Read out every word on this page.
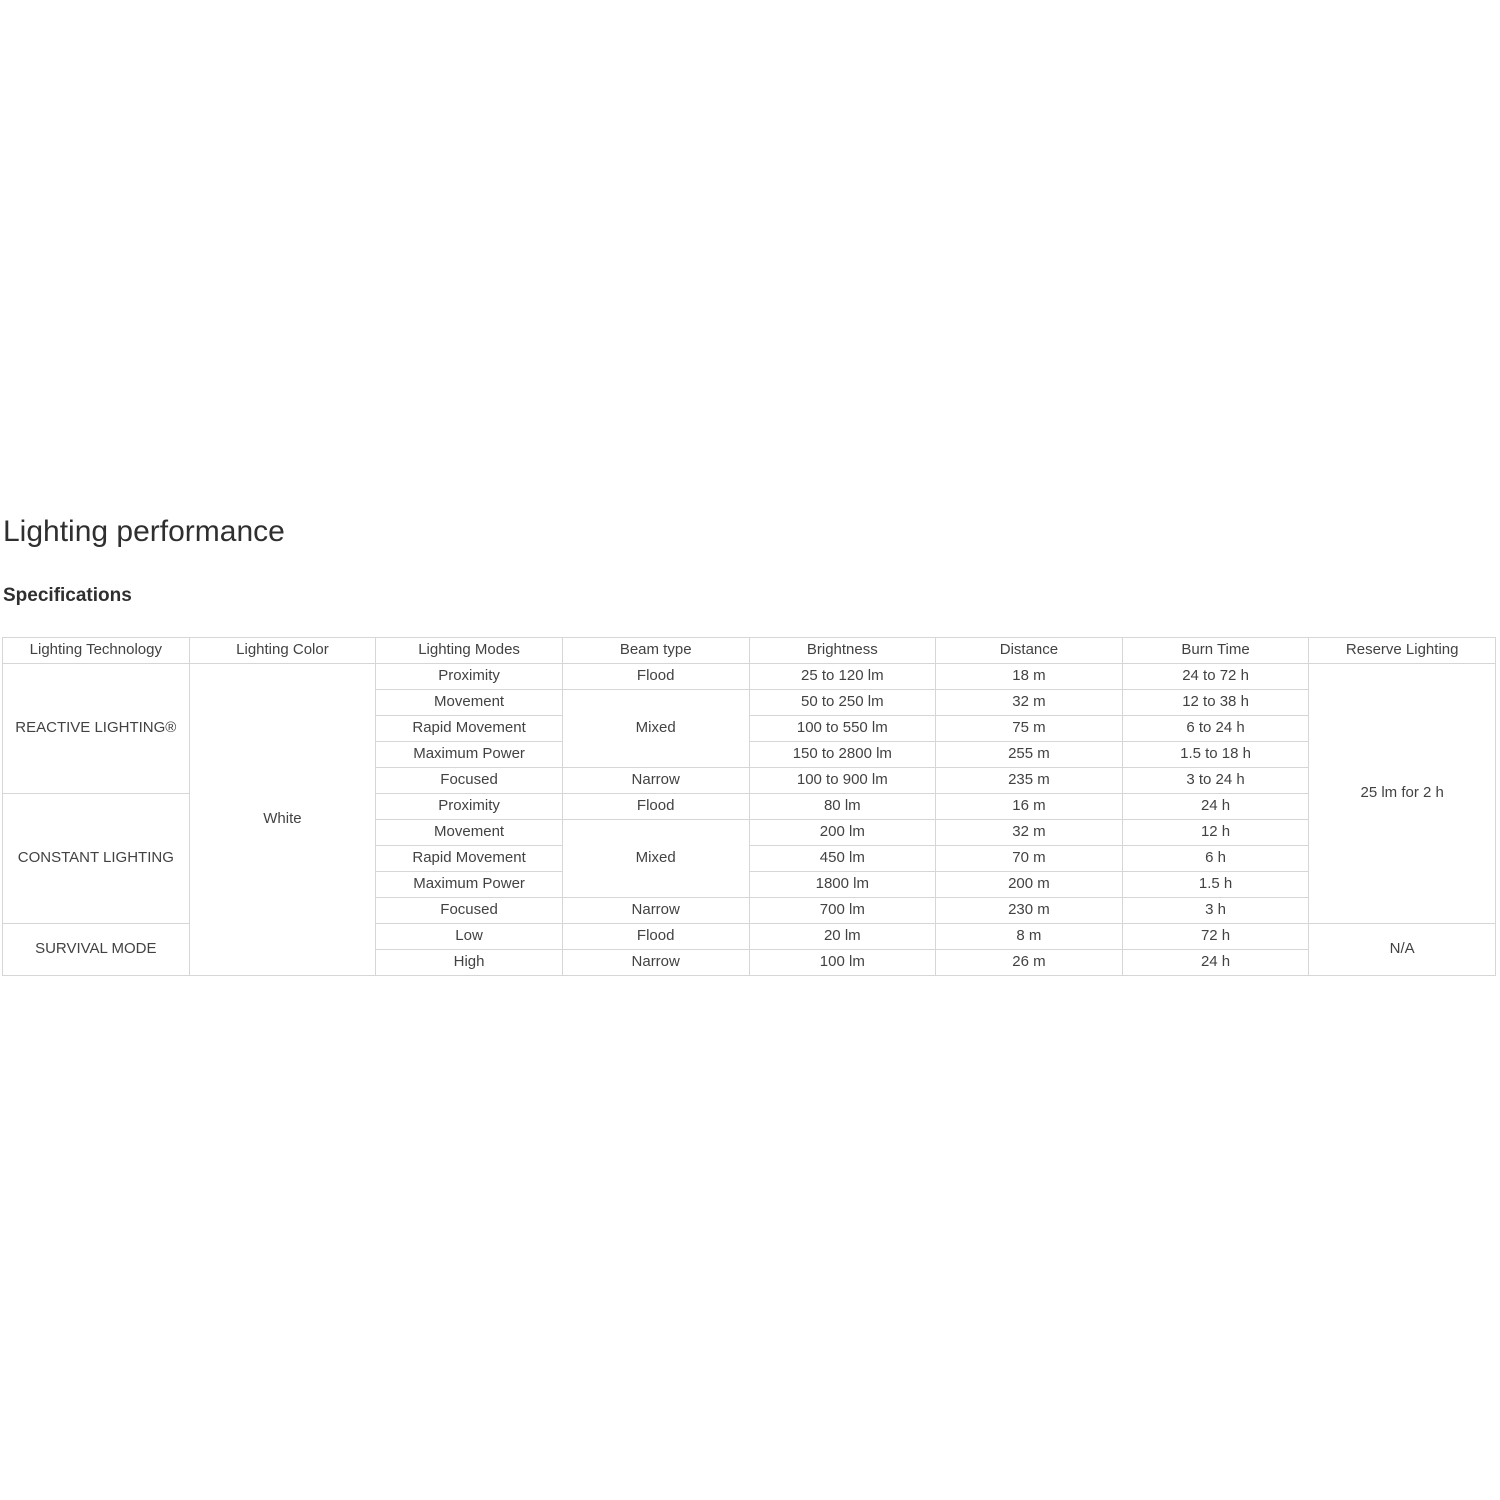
Lighting performance
Specifications
Lighting Technology	Lighting Color	Lighting Modes	Beam type	Brightness	Distance	Burn Time	Reserve Lighting
REACTIVE LIGHTING®	White	Proximity	Flood	25 to 120 lm	18 m	24 to 72 h	25 lm for 2 h
		Movement	Mixed	50 to 250 lm	32 m	12 to 38 h	
		Rapid Movement		100 to 550 lm	75 m	6 to 24 h	
		Maximum Power		150 to 2800 lm	255 m	1.5 to 18 h	
		Focused	Narrow	100 to 900 lm	235 m	3 to 24 h	
CONSTANT LIGHTING		Proximity	Flood	80 lm	16 m	24 h	
		Movement	Mixed	200 lm	32 m	12 h	
		Rapid Movement		450 lm	70 m	6 h	
		Maximum Power		1800 lm	200 m	1.5 h	
		Focused	Narrow	700 lm	230 m	3 h	
SURVIVAL MODE		Low	Flood	20 lm	8 m	72 h	N/A
		High	Narrow	100 lm	26 m	24 h	
